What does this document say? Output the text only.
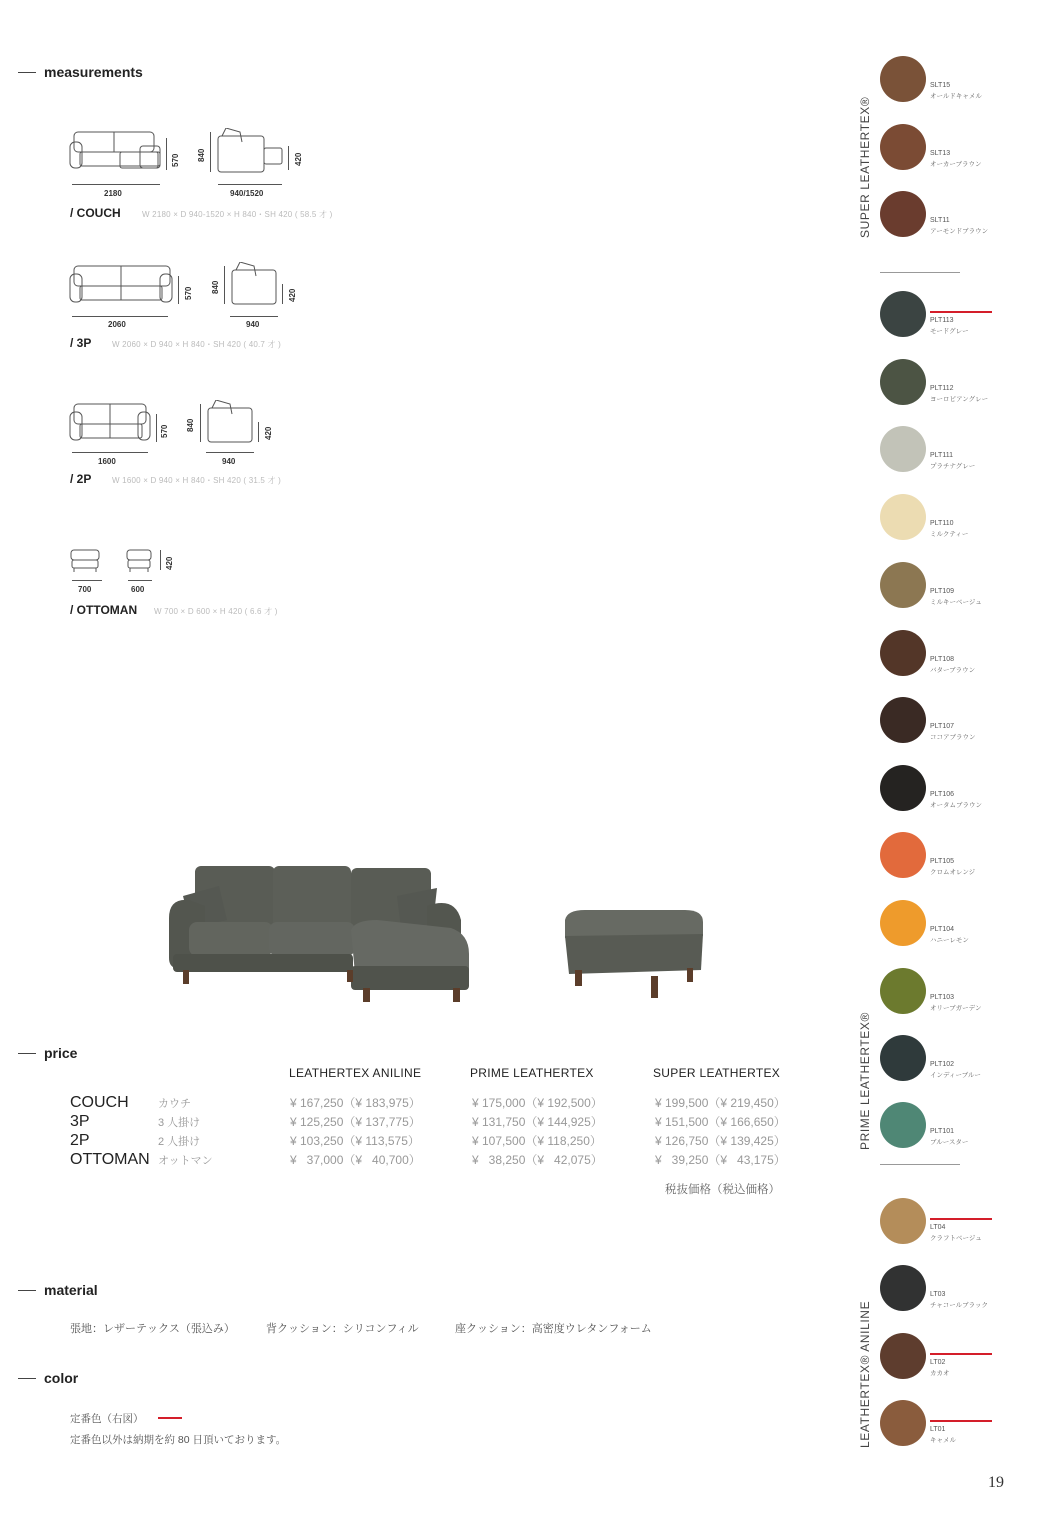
measurements
price
material
color
2180	940/1520
570 840	420
/ COUCH	W 2180 × D 940-1520 × H 840・SH 420 ( 58.5 才 )
2060	940
570 840
420
/ 3P	W 2060 × D 940 × H 840・SH 420 ( 40.7 才 )
1600	940
570 840
420
/ 2P	W 1600 × D 940 × H 840・SH 420 ( 31.5 才 )
700	600
420
/ OTTOMAN W 700 × D 600 × H 420 ( 6.6 才 )
LEATHERTEX ANILINE	PRIME LEATHERTEX	SUPER LEATHERTEX
COUCH	カウチ	¥ 167,250（¥ 183,975）	¥ 175,000（¥ 192,500）	¥ 199,500（¥ 219,450）
3P	3 人掛け	¥ 125,250（¥ 137,775）	¥ 131,750（¥ 144,925）	¥ 151,500（¥ 166,650）
2P	2 人掛け	¥ 103,250（¥ 113,575）	¥ 107,500（¥ 118,250）	¥ 126,750（¥ 139,425）
OTTOMAN オットマン	¥   37,000（¥   40,700）	¥   38,250（¥   42,075）	¥   39,250（¥   43,175）
税抜価格（税込価格）
張地：レザーテックス（張込み）	背クッション：シリコンフィル	座クッション：高密度ウレタンフォーム
定番色（右図）
定番色以外は納期を約 80 日頂いております。
SUPER LEATHERTEX®
PRIME LEATHERTEX®
LEATHERTEX® ANILINE
SLT15
オールドキャメル
SLT13
オーカーブラウン
SLT11
アーモンドブラウン
PLT113
モードグレー
PLT112
ヨーロピアングレー
PLT111
プラチナグレー
PLT110
ミルクティー
PLT109
ミルキーベージュ
PLT108
バターブラウン
PLT107
ココアブラウン
PLT106
オータムブラウン
PLT105
クロムオレンジ
PLT104
ハニーレモン
PLT103
オリーブガーデン
PLT102
インディーブルー
PLT101
ブルースター
LT04
クラフトベージュ
LT03
チャコールブラック
LT02
カカオ
LT01
キャメル
19
